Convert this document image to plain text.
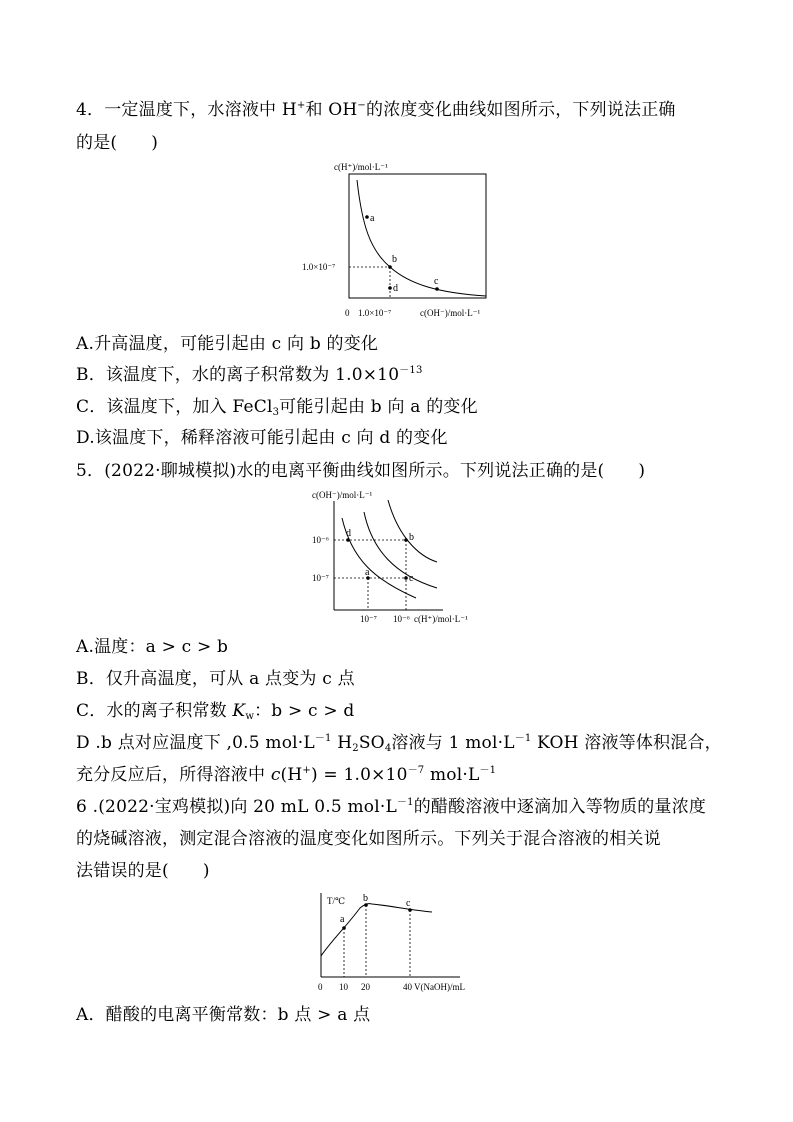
4．一定温度下，水溶液中 H+和 OH−的浓度变化曲线如图所示，下列说法正确
的是( )
c(H⁺)/mol·L⁻¹
a
b
c
d
1.0×10⁻⁷
0 1.0×10⁻⁷	c(OH⁻)/mol·L⁻¹
A.升高温度，可能引起由 c 向 b 的变化
B．该温度下，水的离子积常数为 $1.0\times 10^{-13}$
C．该温度下，加入 FeCl$_3$可能引起由 b 向 a 的变化
D.该温度下，稀释溶液可能引起由 c 向 d 的变化
5．(2022·聊城模拟)水的电离平衡曲线如图所示。下列说法正确的是( )
c(OH⁻)/mol·L⁻¹
d
a
c
b
10⁻⁶
10⁻⁷
10⁻⁷ 10⁻⁶ c(H⁺)/mol·L⁻¹
A.温度：a > c > b
B．仅升高温度，可从 a 点变为 c 点
C．水的离子积常数 $K_w$：b > c > d
D .b 点对应温度下 ,0.5 $mol\cdot L^{-1}$ $H_2SO_4$溶液与 1 $mol\cdot L^{-1}$ KOH 溶液等体积混合，
充分反应后，所得溶液中 $c(H^+) = 1.0\times 10^{-7}$ $mol\cdot L^{-1}$
6 .(2022·宝鸡模拟)向 20 mL 0.5 $mol\cdot L^{-1}$的醋酸溶液中逐滴加入等物质的量浓度
的烧碱溶液，测定混合溶液的温度变化如图所示。下列关于混合溶液的相关说
法错误的是( )
T/℃
a
b	c
0 10 20	40 V(NaOH)/mL
A．醋酸的电离平衡常数：b 点 > a 点
